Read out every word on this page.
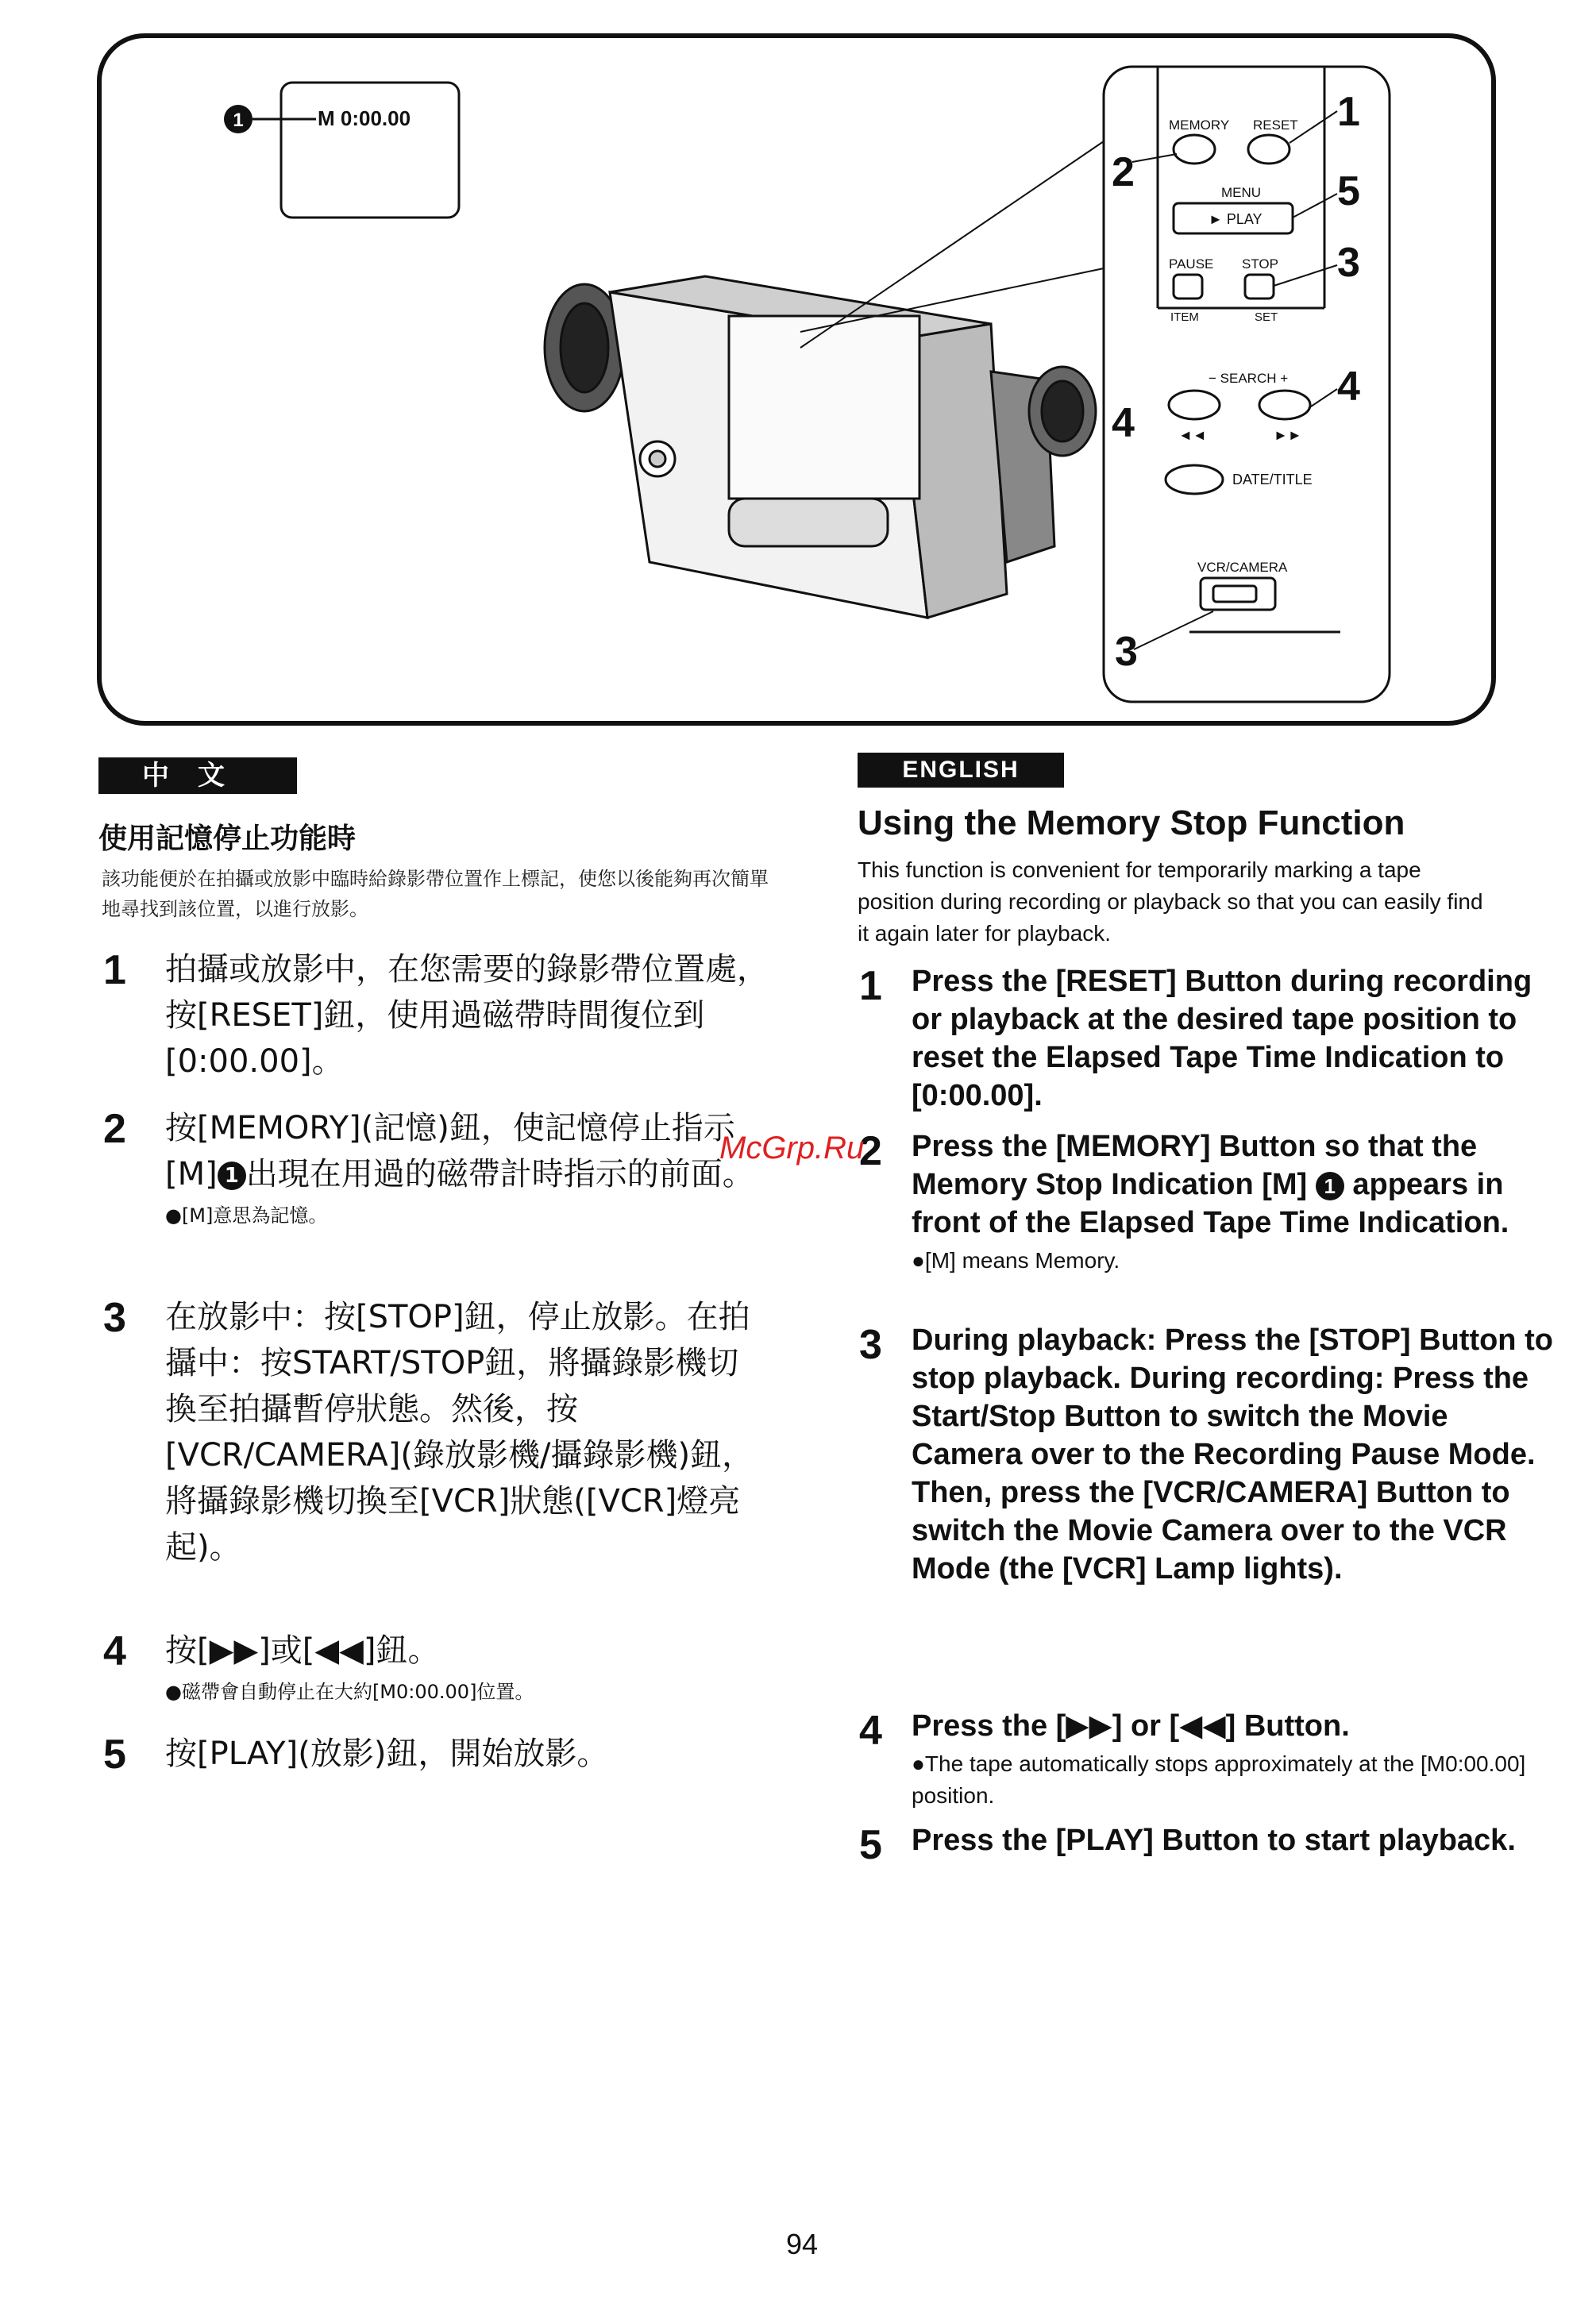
1	M 0:00.00	MEMORY RESET
MENU
► PLAY
PAUSE STOP
ITEM	SET
− SEARCH +
◄◄	►►
DATE/TITLE
VCR/CAMERA
1
2	5
3
4
4
3
中文
使用記憶停止功能時
該功能便於在拍攝或放影中臨時給錄影帶位置作上標記，使您以後能夠再次簡單地尋找到該位置，以進行放影。
1 拍攝或放影中，在您需要的錄影帶位置處，按[RESET]鈕，使用過磁帶時間復位到[0:00.00]。
2 按[MEMORY](記憶)鈕，使記憶停止指示[M] 1 出現在用過的磁帶計時指示的前面。
●[M]意思為記憶。
3 在放影中：按[STOP]鈕，停止放影。在拍攝中：按START/STOP鈕，將攝錄影機切換至拍攝暫停狀態。然後，按[VCR/CAMERA](錄放影機/攝錄影機)鈕，將攝錄影機切換至[VCR]狀態([VCR]燈亮起)。
4 按[▶▶]或[◀◀]鈕。
●磁帶會自動停止在大約[M0:00.00]位置。
5 按[PLAY](放影)鈕，開始放影。
ENGLISH
Using the Memory Stop Function
This function is convenient for temporarily marking a tape position during recording or playback so that you can easily find it again later for playback.
1 Press the [RESET] Button during recording or playback at the desired tape position to reset the Elapsed Tape Time Indication to [0:00.00].
2 Press the [MEMORY] Button so that the Memory Stop Indication [M] 1 appears in front of the Elapsed Tape Time Indication.
●[M] means Memory.
3 During playback: Press the [STOP] Button to stop playback. During recording: Press the Start/Stop Button to switch the Movie Camera over to the Recording Pause Mode. Then, press the [VCR/CAMERA] Button to switch the Movie Camera over to the VCR Mode (the [VCR] Lamp lights).
4 Press the [▶▶] or [◀◀] Button.
●The tape automatically stops approximately at the [M0:00.00] position.
5 Press the [PLAY] Button to start playback.
McGrp.Ru
94
